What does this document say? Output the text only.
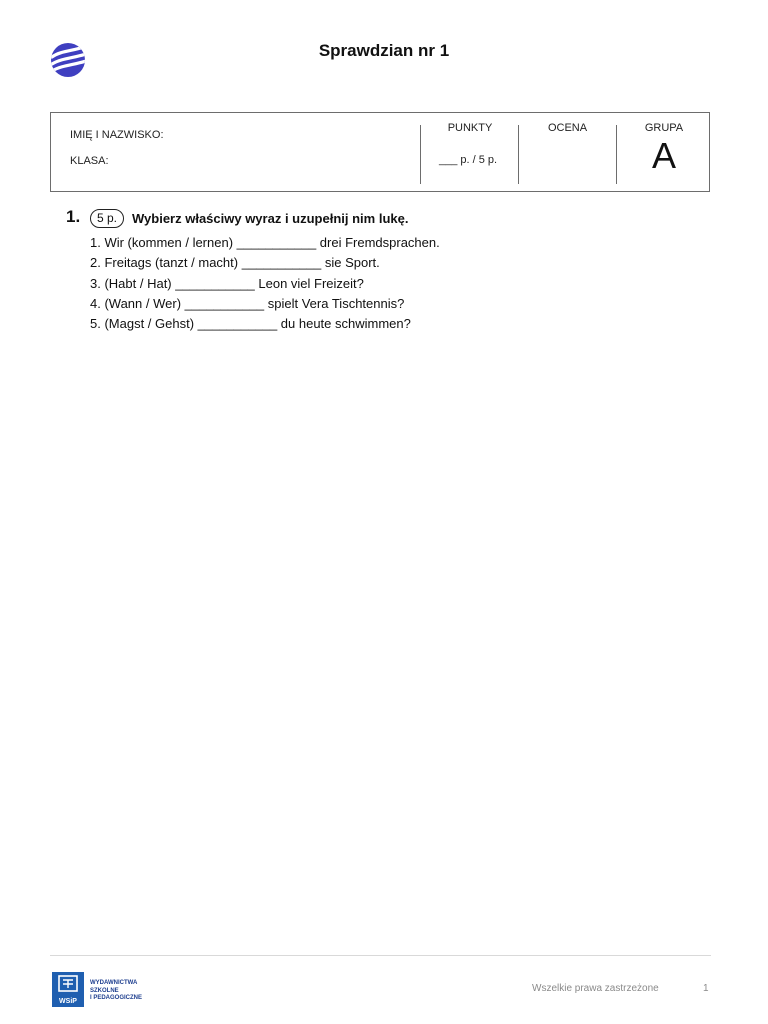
Sprawdzian nr 1
IMIĘ I NAZWISKO:
KLASA:
PUNKTY
___ p. / 5 p.
OCENA	GRUPA
A
1.	5 p.	Wybierz właściwy wyraz i uzupełnij nim lukę.
1. Wir (kommen / lernen) ___________ drei Fremdsprachen.
2. Freitags (tanzt / macht) ___________ sie Sport.
3. (Habt / Hat) ___________ Leon viel Freizeit?
4. (Wann / Wer) ___________ spielt Vera Tischtennis?
5. (Magst / Gehst) ___________ du heute schwimmen?
WSiP
WYDAWNICTWA
SZKOLNE
I PEDAGOGICZNE
Wszelkie prawa zastrzeżone	1
